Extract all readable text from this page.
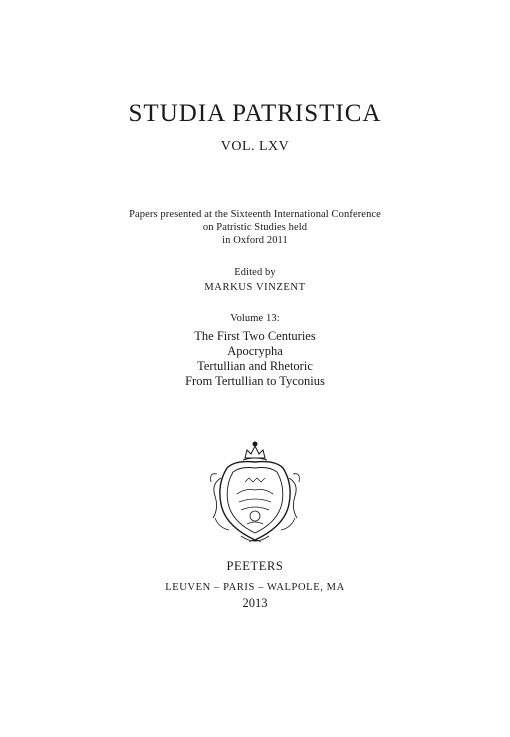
STUDIA PATRISTICA
VOL. LXV
Papers presented at the Sixteenth International Conference
on Patristic Studies held
in Oxford 2011
Edited by
MARKUS VINZENT
Volume 13:
The First Two Centuries
Apocrypha
Tertullian and Rhetoric
From Tertullian to Tyconius
PEETERS
LEUVEN – PARIS – WALPOLE, MA
2013
